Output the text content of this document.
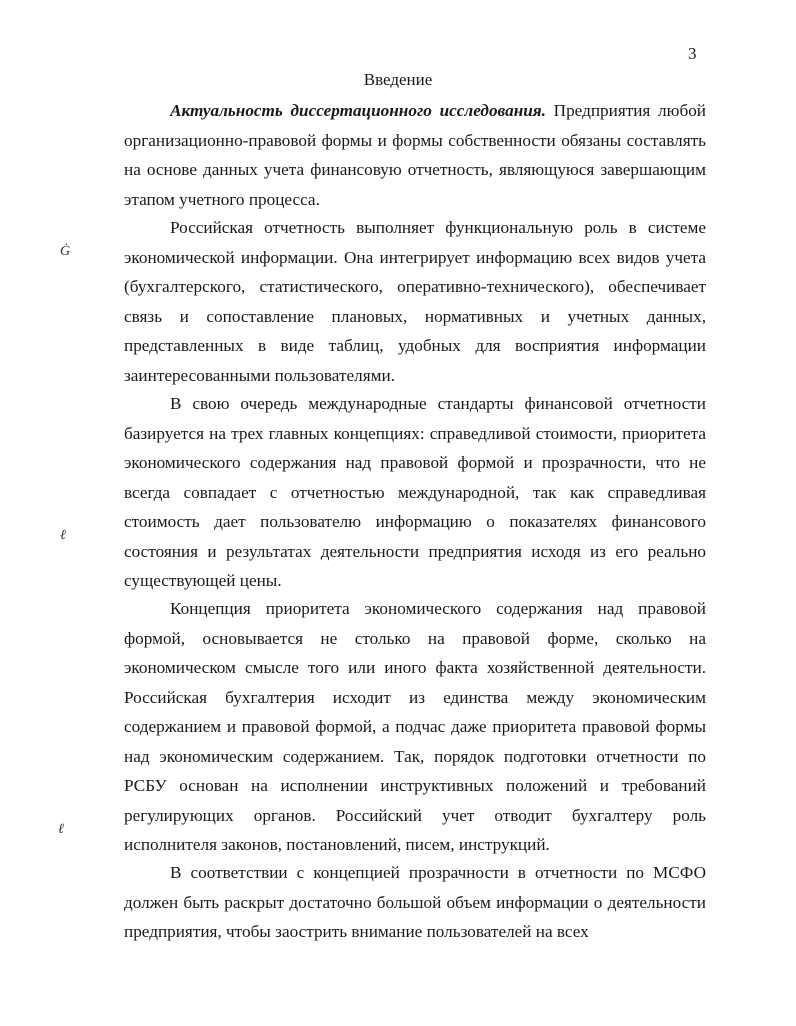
3
Введение
Ġ
ℓ
ℓ

Актуальность диссертационного исследования. Предприятия любой организационно-правовой формы и формы собственности обязаны составлять на основе данных учета финансовую отчетность, являющуюся завершающим этапом учетного процесса.

Российская отчетность выполняет функциональную роль в системе экономической информации. Она интегрирует информацию всех видов учета (бухгалтерского, статистического, оперативно-технического), обеспечивает связь и сопоставление плановых, нормативных и учетных данных, представленных в виде таблиц, удобных для восприятия информации заинтересованными пользователями.

В свою очередь международные стандарты финансовой отчетности базируется на трех главных концепциях: справедливой стоимости, приоритета экономического содержания над правовой формой и прозрачности, что не всегда совпадает с отчетностью международной, так как справедливая стоимость дает пользователю информацию о показателях финансового состояния и результатах деятельности предприятия исходя из его реально существующей цены.

Концепция приоритета экономического содержания над правовой формой, основывается не столько на правовой форме, сколько на экономическом смысле того или иного факта хозяйственной деятельности. Российская бухгалтерия исходит из единства между экономическим содержанием и правовой формой, а подчас даже приоритета правовой формы над экономическим содержанием. Так, порядок подготовки отчетности по РСБУ основан на исполнении инструктивных положений и требований регулирующих органов. Российский учет отводит бухгалтеру роль исполнителя законов, постановлений, писем, инструкций.

В соответствии с концепцией прозрачности в отчетности по МСФО должен быть раскрыт достаточно большой объем информации о деятельности предприятия, чтобы заострить внимание пользователей на всех
